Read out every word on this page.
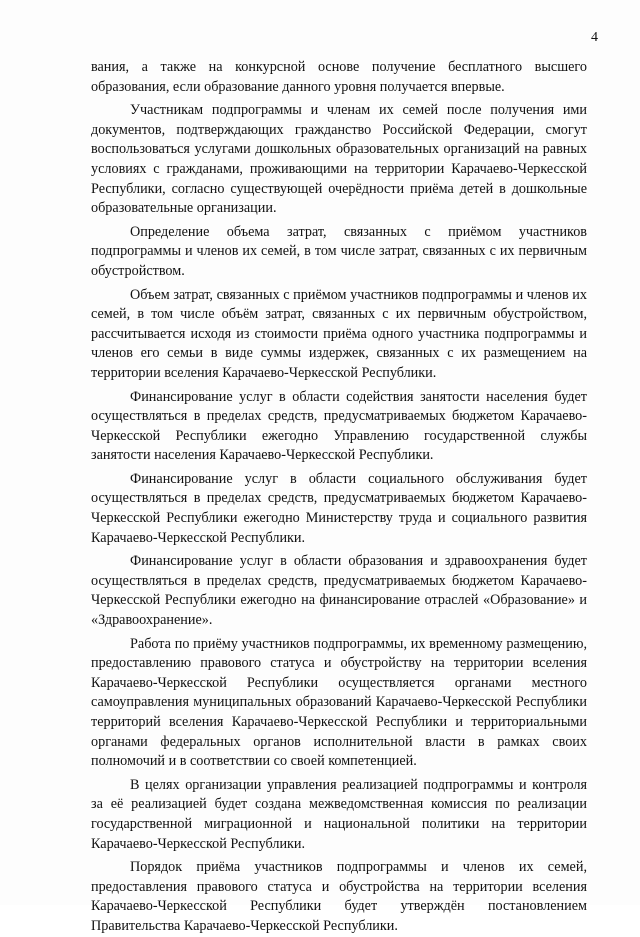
4

вания, а также на конкурсной основе получение бесплатного высшего образования, если образование данного уровня получается впервые.

Участникам подпрограммы и членам их семей после получения ими документов, подтверждающих гражданство Российской Федерации, смогут воспользоваться услугами дошкольных образовательных организаций на равных условиях с гражданами, проживающими на территории Карачаево-Черкесской Республики, согласно существующей очерёдности приёма детей в дошкольные образовательные организации.

Определение объема затрат, связанных с приёмом участников подпрограммы и членов их семей, в том числе затрат, связанных с их первичным обустройством.

Объем затрат, связанных с приёмом участников подпрограммы и членов их семей, в том числе объём затрат, связанных с их первичным обустройством, рассчитывается исходя из стоимости приёма одного участника подпрограммы и членов его семьи в виде суммы издержек, связанных с их размещением на территории вселения Карачаево-Черкесской Республики.

Финансирование услуг в области содействия занятости населения будет осуществляться в пределах средств, предусматриваемых бюджетом Карачаево-Черкесской Республики ежегодно Управлению государственной службы занятости населения Карачаево-Черкесской Республики.

Финансирование услуг в области социального обслуживания будет осуществляться в пределах средств, предусматриваемых бюджетом Карачаево-Черкесской Республики ежегодно Министерству труда и социального развития Карачаево-Черкесской Республики.

Финансирование услуг в области образования и здравоохранения будет осуществляться в пределах средств, предусматриваемых бюджетом Карачаево-Черкесской Республики ежегодно на финансирование отраслей «Образование» и «Здравоохранение».

Работа по приёму участников подпрограммы, их временному размещению, предоставлению правового статуса и обустройству на территории вселения Карачаево-Черкесской Республики осуществляется органами местного самоуправления муниципальных образований Карачаево-Черкесской Республики территорий вселения Карачаево-Черкесской Республики и территориальными органами федеральных органов исполнительной власти в рамках своих полномочий и в соответствии со своей компетенцией.

В целях организации управления реализацией подпрограммы и контроля за её реализацией будет создана межведомственная комиссия по реализации государственной миграционной и национальной политики на территории Карачаево-Черкесской Республики.

Порядок приёма участников подпрограммы и членов их семей, предоставления правового статуса и обустройства на территории вселения Карачаево-Черкесской Республики будет утверждён постановлением Правительства Карачаево-Черкесской Республики.
